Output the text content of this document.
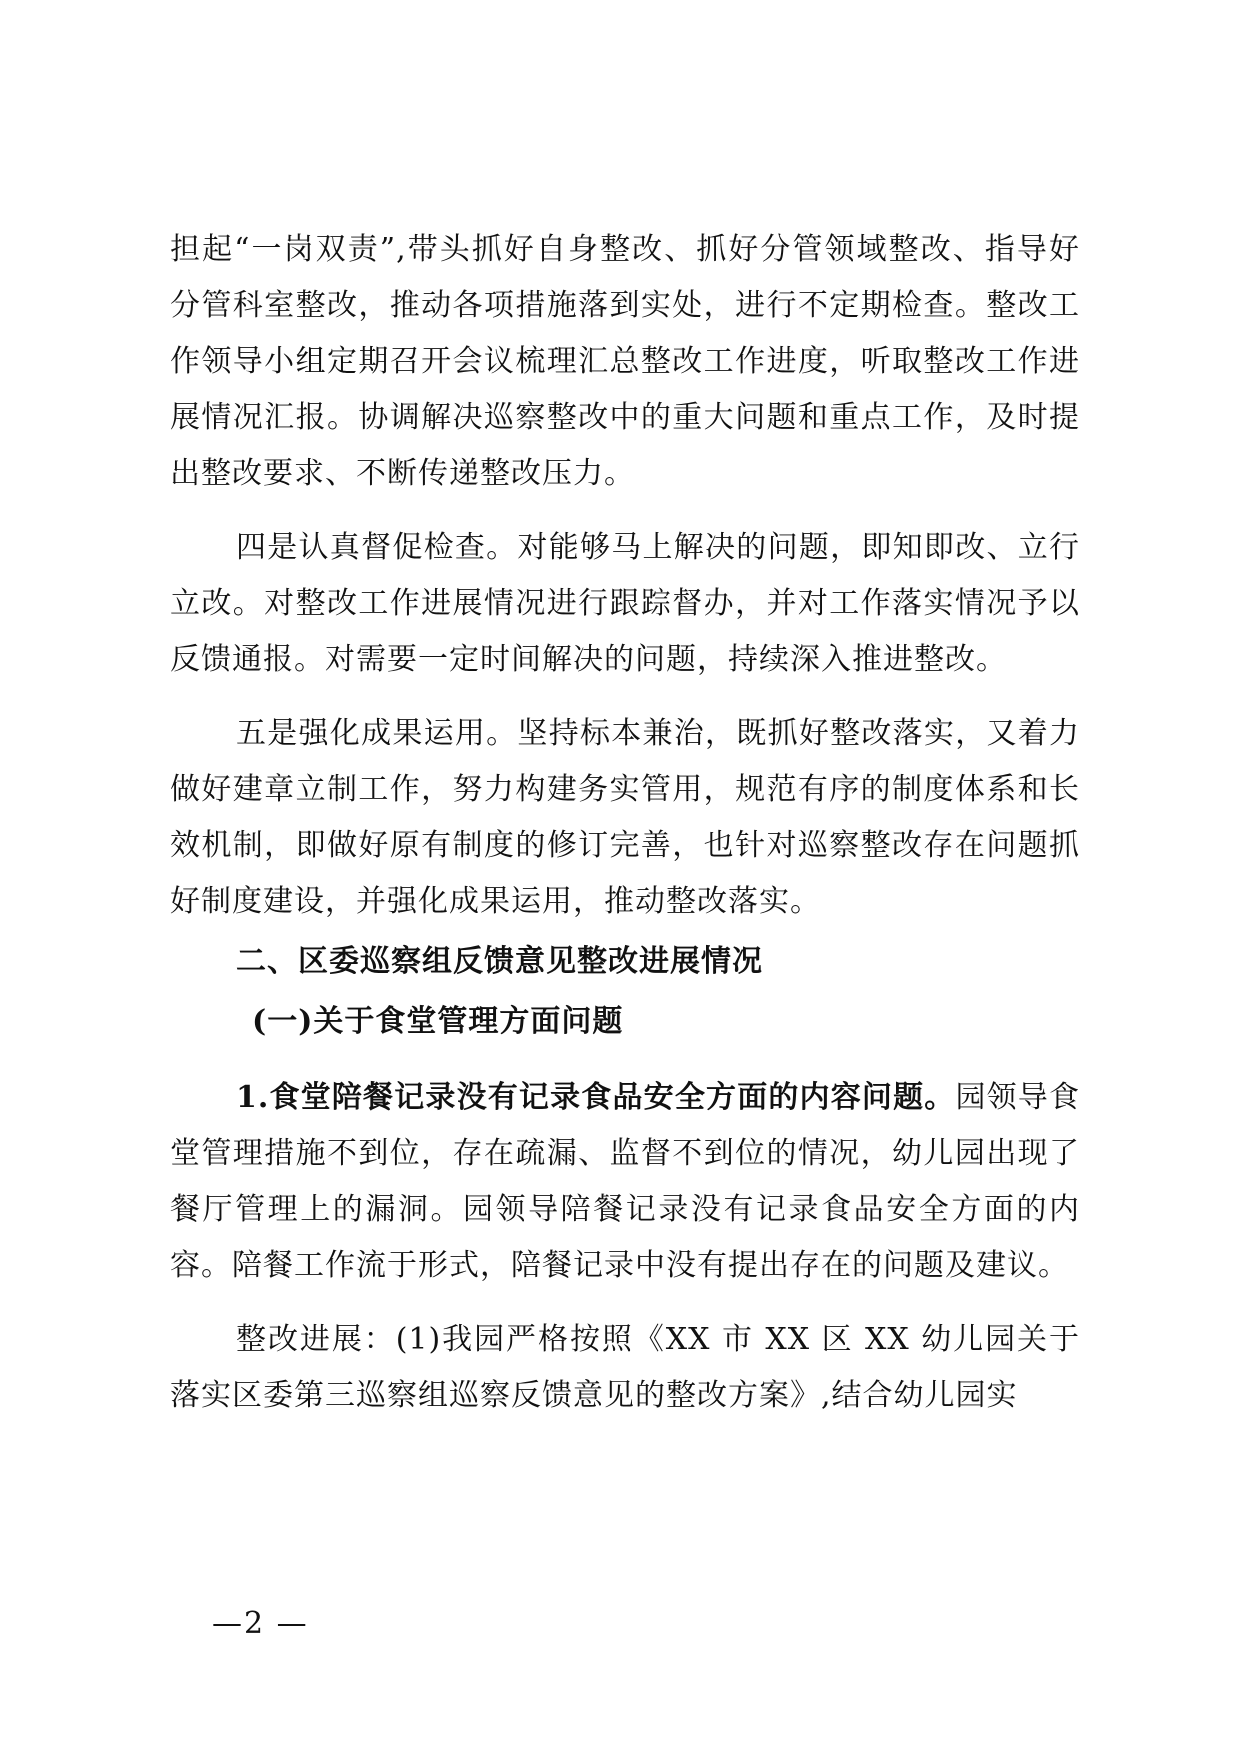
担起“一岗双责”,带头抓好自身整改、抓好分管领域整改、指导好分管科室整改，推动各项措施落到实处，进行不定期检查。整改工作领导小组定期召开会议梳理汇总整改工作进度，听取整改工作进展情况汇报。协调解决巡察整改中的重大问题和重点工作，及时提出整改要求、不断传递整改压力。

四是认真督促检查。对能够马上解决的问题，即知即改、立行立改。对整改工作进展情况进行跟踪督办，并对工作落实情况予以反馈通报。对需要一定时间解决的问题，持续深入推进整改。

五是强化成果运用。坚持标本兼治，既抓好整改落实，又着力做好建章立制工作，努力构建务实管用，规范有序的制度体系和长效机制，即做好原有制度的修订完善，也针对巡察整改存在问题抓好制度建设，并强化成果运用，推动整改落实。

二、区委巡察组反馈意见整改进展情况

(一)关于食堂管理方面问题

1.食堂陪餐记录没有记录食品安全方面的内容问题。园领导食堂管理措施不到位，存在疏漏、监督不到位的情况，幼儿园出现了餐厅管理上的漏洞。园领导陪餐记录没有记录食品安全方面的内容。陪餐工作流于形式，陪餐记录中没有提出存在的问题及建议。

整改进展：(1)我园严格按照《XX 市 XX 区 XX 幼儿园关于落实区委第三巡察组巡察反馈意见的整改方案》,结合幼儿园实

—2 —
